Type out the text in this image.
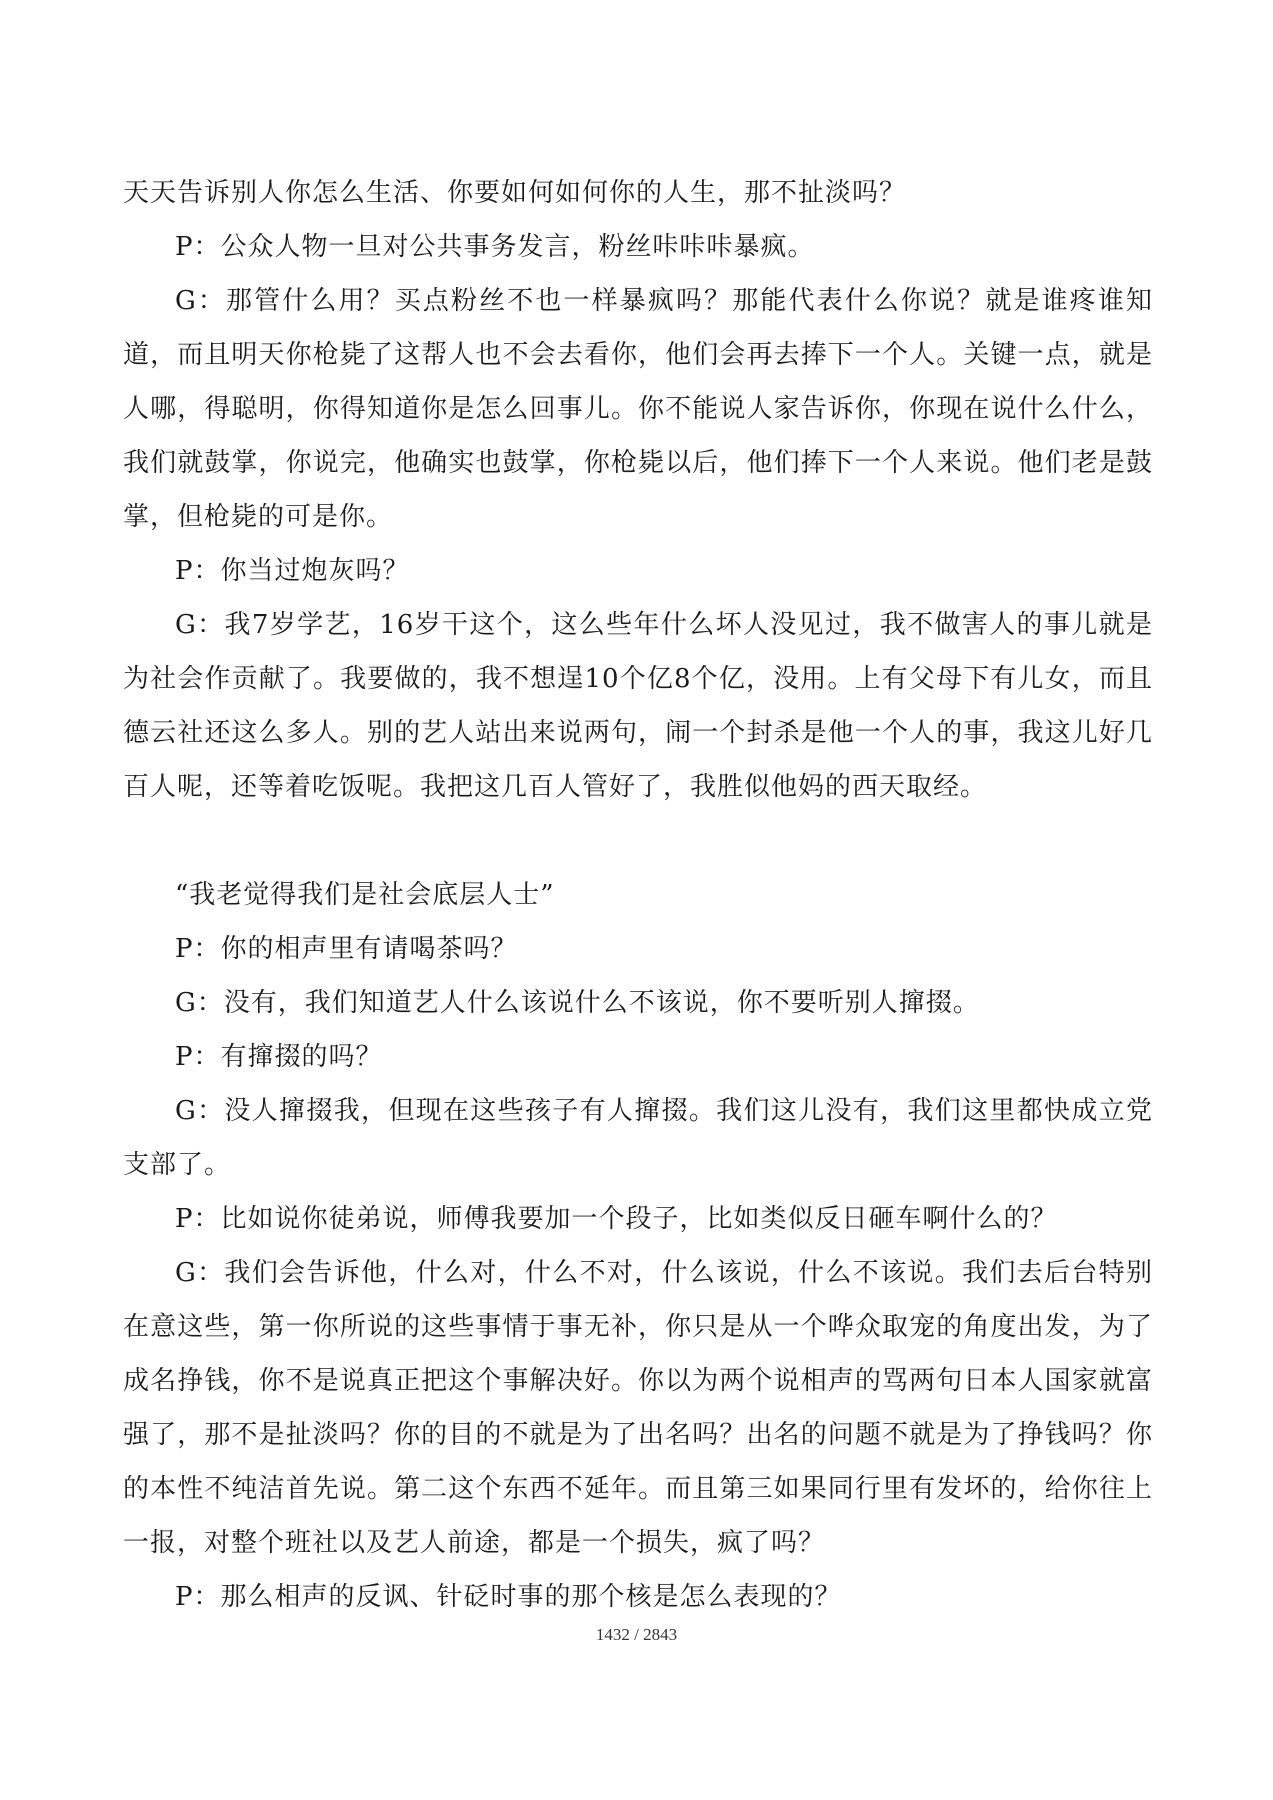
天天告诉别人你怎么生活、你要如何如何你的人生，那不扯淡吗？

P：公众人物一旦对公共事务发言，粉丝咔咔咔暴疯。

G：那管什么用？买点粉丝不也一样暴疯吗？那能代表什么你说？就是谁疼谁知道，而且明天你枪毙了这帮人也不会去看你，他们会再去捧下一个人。关键一点，就是人哪，得聪明，你得知道你是怎么回事儿。你不能说人家告诉你，你现在说什么什么，我们就鼓掌，你说完，他确实也鼓掌，你枪毙以后，他们捧下一个人来说。他们老是鼓掌，但枪毙的可是你。

P：你当过炮灰吗？

G：我7岁学艺，16岁干这个，这么些年什么坏人没见过，我不做害人的事儿就是为社会作贡献了。我要做的，我不想逞10个亿8个亿，没用。上有父母下有儿女，而且德云社还这么多人。别的艺人站出来说两句，闹一个封杀是他一个人的事，我这儿好几百人呢，还等着吃饭呢。我把这几百人管好了，我胜似他妈的西天取经。

“我老觉得我们是社会底层人士”

P：你的相声里有请喝茶吗？

G：没有，我们知道艺人什么该说什么不该说，你不要听别人撺掇。

P：有撺掇的吗？

G：没人撺掇我，但现在这些孩子有人撺掇。我们这儿没有，我们这里都快成立党支部了。

P：比如说你徒弟说，师傅我要加一个段子，比如类似反日砸车啊什么的？

G：我们会告诉他，什么对，什么不对，什么该说，什么不该说。我们去后台特别在意这些，第一你所说的这些事情于事无补，你只是从一个哗众取宠的角度出发，为了成名挣钱，你不是说真正把这个事解决好。你以为两个说相声的骂两句日本人国家就富强了，那不是扯淡吗？你的目的不就是为了出名吗？出名的问题不就是为了挣钱吗？你的本性不纯洁首先说。第二这个东西不延年。而且第三如果同行里有发坏的，给你往上一报，对整个班社以及艺人前途，都是一个损失，疯了吗？

P：那么相声的反讽、针砭时事的那个核是怎么表现的？

1432 / 2843
